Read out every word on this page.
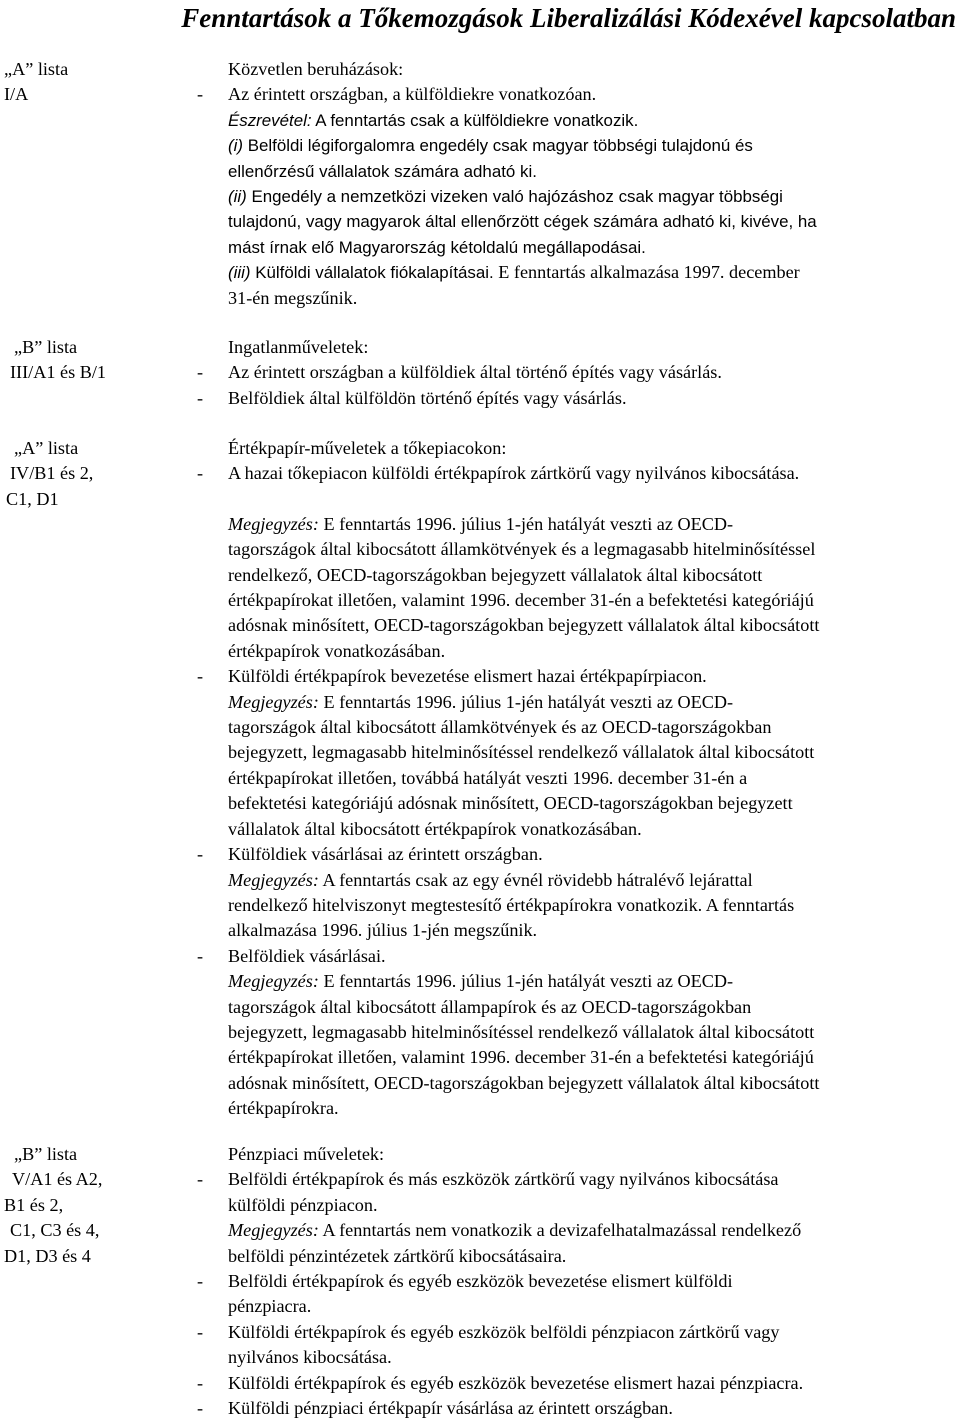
Fenntartások a Tőkemozgások Liberalizálási Kódexével kapcsolatban
„A” lista
I/A
„B” lista
III/A1 és B/1
„A” lista
IV/B1 és 2,
C1, D1
„B” lista
V/A1 és A2,
B1 és 2,
C1, C3 és 4,
D1, D3 és 4
Közvetlen beruházások:
- Az érintett országban, a külföldiekre vonatkozóan.
Észrevétel: A fenntartás csak a külföldiekre vonatkozik.
(i) Belföldi légiforgalomra engedély csak magyar többségi tulajdonú és
ellenőrzésű vállalatok számára adható ki.
(ii) Engedély a nemzetközi vizeken való hajózáshoz csak magyar többségi
tulajdonú, vagy magyarok által ellenőrzött cégek számára adható ki, kivéve, ha
mást írnak elő Magyarország kétoldalú megállapodásai.
(iii) Külföldi vállalatok fiókalapításai. E fenntartás alkalmazása 1997. december
31-én megszűnik.
Ingatlanműveletek:
- Az érintett országban a külföldiek által történő építés vagy vásárlás.
- Belföldiek által külföldön történő építés vagy vásárlás.
Értékpapír-műveletek a tőkepiacokon:
- A hazai tőkepiacon külföldi értékpapírok zártkörű vagy nyilvános kibocsátása.
Megjegyzés: E fenntartás 1996. július 1-jén hatályát veszti az OECD-
tagországok által kibocsátott államkötvények és a legmagasabb hitelminősítéssel
rendelkező, OECD-tagországokban bejegyzett vállalatok által kibocsátott
értékpapírokat illetően, valamint 1996. december 31-én a befektetési kategóriájú
adósnak minősített, OECD-tagországokban bejegyzett vállalatok által kibocsátott
értékpapírok vonatkozásában.
- Külföldi értékpapírok bevezetése elismert hazai értékpapírpiacon.
Megjegyzés: E fenntartás 1996. július 1-jén hatályát veszti az OECD-
tagországok által kibocsátott államkötvények és az OECD-tagországokban
bejegyzett, legmagasabb hitelminősítéssel rendelkező vállalatok által kibocsátott
értékpapírokat illetően, továbbá hatályát veszti 1996. december 31-én a
befektetési kategóriájú adósnak minősített, OECD-tagországokban bejegyzett
vállalatok által kibocsátott értékpapírok vonatkozásában.
- Külföldiek vásárlásai az érintett országban.
Megjegyzés: A fenntartás csak az egy évnél rövidebb hátralévő lejárattal
rendelkező hitelviszonyt megtestesítő értékpapírokra vonatkozik. A fenntartás
alkalmazása 1996. július 1-jén megszűnik.
- Belföldiek vásárlásai.
Megjegyzés: E fenntartás 1996. július 1-jén hatályát veszti az OECD-
tagországok által kibocsátott állampapírok és az OECD-tagországokban
bejegyzett, legmagasabb hitelminősítéssel rendelkező vállalatok által kibocsátott
értékpapírokat illetően, valamint 1996. december 31-én a befektetési kategóriájú
adósnak minősített, OECD-tagországokban bejegyzett vállalatok által kibocsátott
értékpapírokra.
Pénzpiaci műveletek:
- Belföldi értékpapírok és más eszközök zártkörű vagy nyilvános kibocsátása
külföldi pénzpiacon.
Megjegyzés: A fenntartás nem vonatkozik a devizafelhatalmazással rendelkező
belföldi pénzintézetek zártkörű kibocsátásaira.
- Belföldi értékpapírok és egyéb eszközök bevezetése elismert külföldi
pénzpiacra.
- Külföldi értékpapírok és egyéb eszközök belföldi pénzpiacon zártkörű vagy
nyilvános kibocsátása.
- Külföldi értékpapírok és egyéb eszközök bevezetése elismert hazai pénzpiacra.
- Külföldi pénzpiaci értékpapír vásárlása az érintett országban.
